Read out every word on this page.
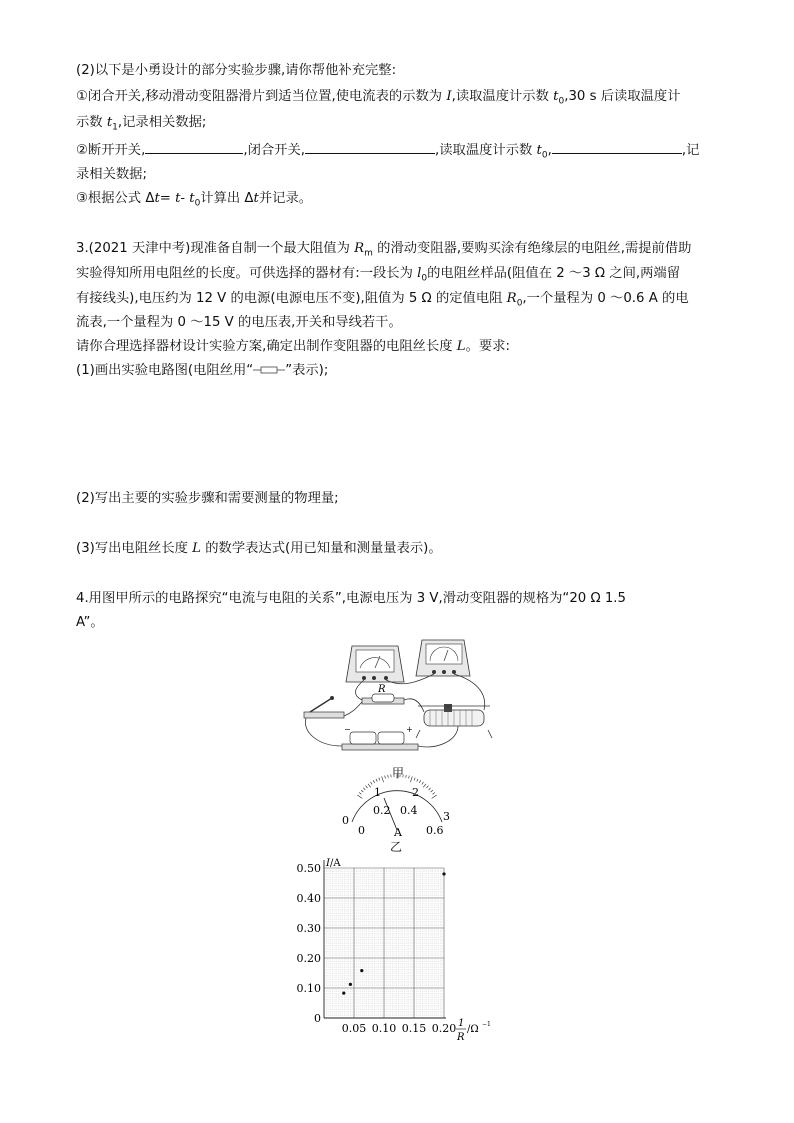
(2)以下是小勇设计的部分实验步骤,请你帮他补充完整:
①闭合开关,移动滑动变阻器滑片到适当位置,使电流表的示数为 I,读取温度计示数 $t_0,30$ s 后读取温度计
示数 $t_1$,记录相关数据;
②断开开关,	,闭合开关,	,读取温度计示数 $t_0$,	,记
录相关数据;
③根据公式 Δt= t- $t_0$计算出 Δt并记录。
3.(2021 天津中考)现准备自制一个最大阻值为 $R_m$ 的滑动变阻器,要购买涂有绝缘层的电阻丝,需提前借助
实验得知所用电阻丝的长度。可供选择的器材有:一段长为 $l_0$的电阻丝样品(阻值在 2 ～3 Ω 之间,两端留
有接线头),电压约为 12 V 的电源(电源电压不变),阻值为 5 Ω 的定值电阻 $R_0$,一个量程为 0 ～0.6 A 的电
流表,一个量程为 0 ～15 V 的电压表,开关和导线若干。
请你合理选择器材设计实验方案,确定出制作变阻器的电阻丝长度 L。要求:
(1)画出实验电路图(电阻丝用“ ”表示);
(2)写出主要的实验步骤和需要测量的物理量;
(3)写出电阻丝长度 L 的数学表达式(用已知量和测量量表示)。
4.用图甲所示的电路探究“电流与电阻的关系”,电源电压为 3 V,滑动变阻器的规格为“20 Ω 1.5
A”。
R
−	+
甲
0
1	2
3
0
0.2 0.4
0.6
A
乙
0
0.10
0.20
0.30
0.40
0.50
0.05 0.10 0.15 0.20
I/A
1
R
/Ω −1
